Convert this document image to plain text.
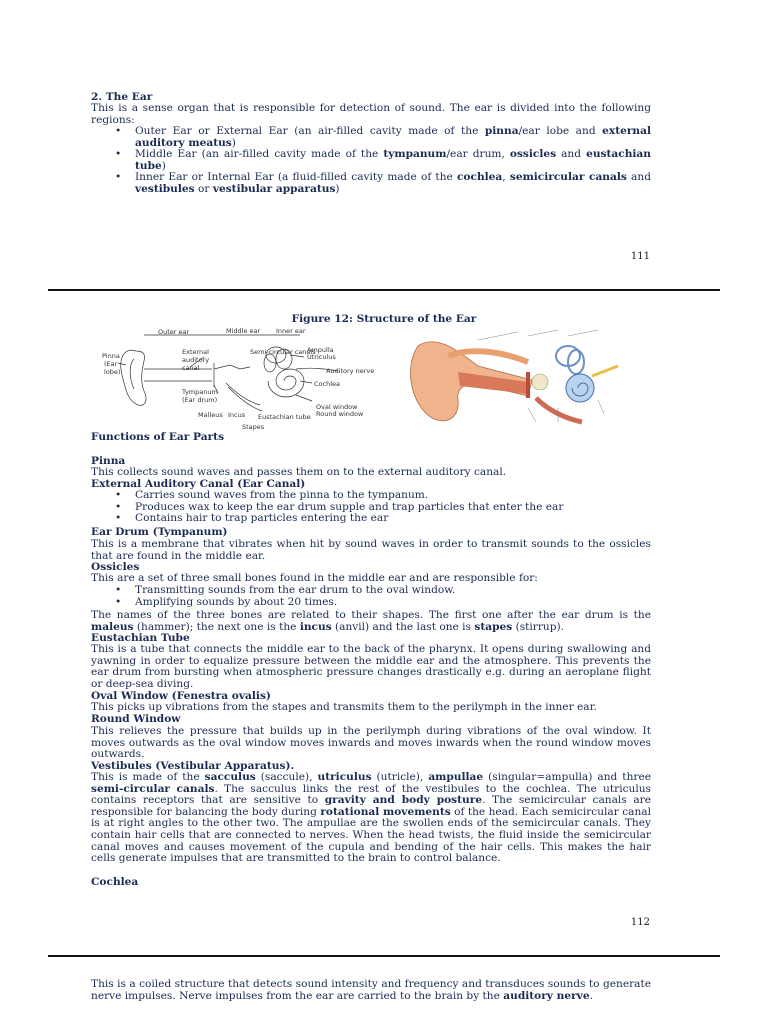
2. The Ear

This is a sense organ that is responsible for detection of sound. The ear is divided into the following regions:

• Outer Ear or External Ear (an air-filled cavity made of the pinna/ear lobe and external auditory meatus)
• Middle Ear (an air-filled cavity made of the tympanum/ear drum, ossicles and eustachian tube)
• Inner Ear or Internal Ear (a fluid-filled cavity made of the cochlea, semicircular canals and vestibules or vestibular apparatus)
111

Figure 12: Structure of the Ear

Outer ear	Middle ear Inner ear
Pinna
(Ear
lobe)
External
auditory
canal
Semi-circular canals
Ampulla
Utriculus
Auditory nerve
Cochlea
Tympanum
(Ear drum)
Malleus Incus Eustachian tube
Stapes
Oval window
Round window

Functions of Ear Parts

Pinna

This collects sound waves and passes them on to the external auditory canal.

External Auditory Canal (Ear Canal)

• Carries sound waves from the pinna to the tympanum.
• Produces wax to keep the ear drum supple and trap particles that enter the ear
• Contains hair to trap particles entering the ear

Ear Drum (Tympanum)

This is a membrane that vibrates when hit by sound waves in order to transmit sounds to the ossicles that are found in the middle ear.

Ossicles

This are a set of three small bones found in the middle ear and are responsible for:

• Transmitting sounds from the ear drum to the oval window.
• Amplifying sounds by about 20 times.

The names of the three bones are related to their shapes. The first one after the ear drum is the maleus (hammer); the next one is the incus (anvil) and the last one is stapes (stirrup).

Eustachian Tube

This is a tube that connects the middle ear to the back of the pharynx. It opens during swallowing and yawning in order to equalize pressure between the middle ear and the atmosphere. This prevents the ear drum from bursting when atmospheric pressure changes drastically e.g. during an aeroplane flight or deep-sea diving.

Oval Window (Fenestra ovalis)

This picks up vibrations from the stapes and transmits them to the perilymph in the inner ear.

Round Window

This relieves the pressure that builds up in the perilymph during vibrations of the oval window. It moves outwards as the oval window moves inwards and moves inwards when the round window moves outwards.

Vestibules (Vestibular Apparatus).

This is made of the sacculus (saccule), utriculus (utricle), ampullae (singular=ampulla) and three semi-circular canals. The sacculus links the rest of the vestibules to the cochlea. The utriculus contains receptors that are sensitive to gravity and body posture. The semicircular canals are responsible for balancing the body during rotational movements of the head. Each semicircular canal is at right angles to the other two. The ampullae are the swollen ends of the semicircular canals. They contain hair cells that are connected to nerves. When the head twists, the fluid inside the semicircular canal moves and causes movement of the cupula and bending of the hair cells. This makes the hair cells generate impulses that are transmitted to the brain to control balance.

Cochlea

112

This is a coiled structure that detects sound intensity and frequency and transduces sounds to generate nerve impulses. Nerve impulses from the ear are carried to the brain by the auditory nerve.
